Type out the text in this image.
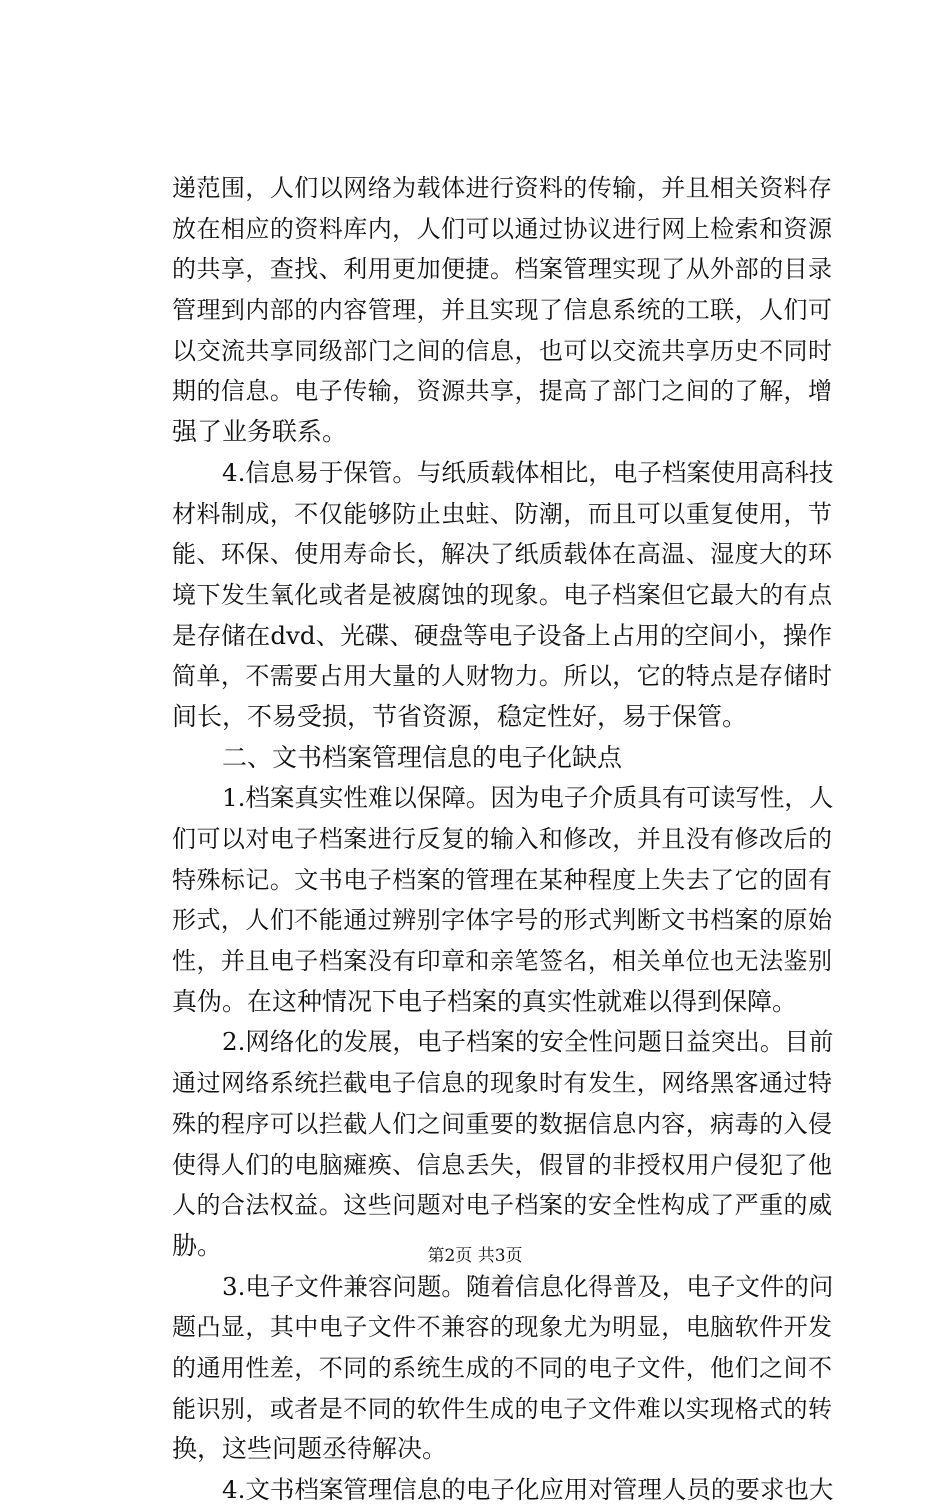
递范围，人们以网络为载体进行资料的传输，并且相关资料存
放在相应的资料库内，人们可以通过协议进行网上检索和资源
的共享，查找、利用更加便捷。档案管理实现了从外部的目录
管理到内部的内容管理，并且实现了信息系统的工联，人们可
以交流共享同级部门之间的信息，也可以交流共享历史不同时
期的信息。电子传输，资源共享，提高了部门之间的了解，增
强了业务联系。
4.信息易于保管。与纸质载体相比，电子档案使用高科技
材料制成，不仅能够防止虫蛀、防潮，而且可以重复使用，节
能、环保、使用寿命长，解决了纸质载体在高温、湿度大的环
境下发生氧化或者是被腐蚀的现象。电子档案但它最大的有点
是存储在dvd、光碟、硬盘等电子设备上占用的空间小，操作
简单，不需要占用大量的人财物力。所以，它的特点是存储时
间长，不易受损，节省资源，稳定性好，易于保管。
二、文书档案管理信息的电子化缺点
1.档案真实性难以保障。因为电子介质具有可读写性，人
们可以对电子档案进行反复的输入和修改，并且没有修改后的
特殊标记。文书电子档案的管理在某种程度上失去了它的固有
形式，人们不能通过辨别字体字号的形式判断文书档案的原始
性，并且电子档案没有印章和亲笔签名，相关单位也无法鉴别
真伪。在这种情况下电子档案的真实性就难以得到保障。
2.网络化的发展，电子档案的安全性问题日益突出。目前
通过网络系统拦截电子信息的现象时有发生，网络黑客通过特
殊的程序可以拦截人们之间重要的数据信息内容，病毒的入侵
使得人们的电脑瘫痪、信息丢失，假冒的非授权用户侵犯了他
人的合法权益。这些问题对电子档案的安全性构成了严重的威
胁。
3.电子文件兼容问题。随着信息化得普及，电子文件的问
题凸显，其中电子文件不兼容的现象尤为明显，电脑软件开发
的通用性差，不同的系统生成的不同的电子文件，他们之间不
能识别，或者是不同的软件生成的电子文件难以实现格式的转
换，这些问题丞待解决。
4.文书档案管理信息的电子化应用对管理人员的要求也大
第2页 共3页
